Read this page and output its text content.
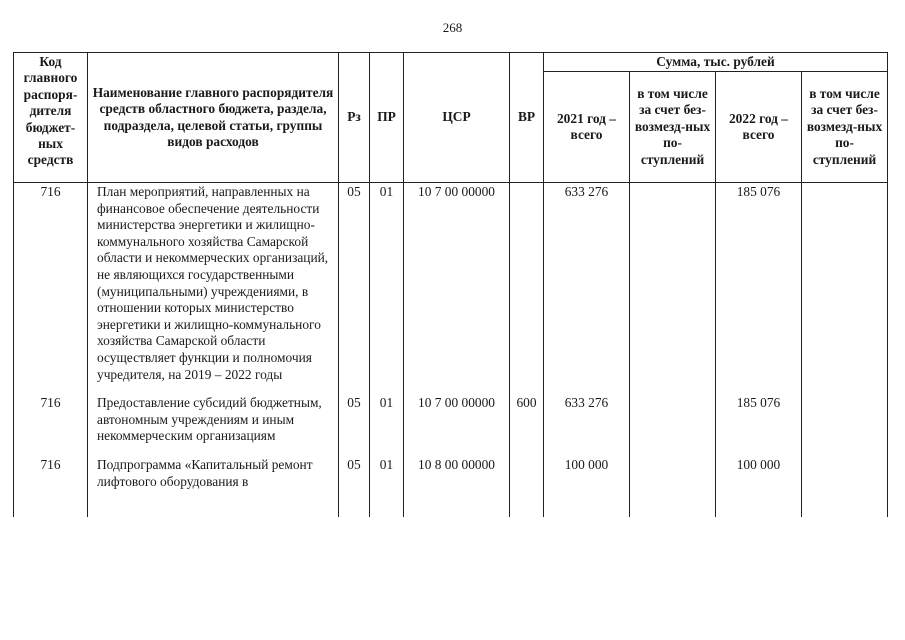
268
Код главного распоря-дителя бюджет-ных средств	Наименование главного распорядителя средств областного бюджета, раздела, подраздела, целевой статьи, группы видов расходов	Рз	ПР	ЦСР	ВР	Сумма, тыс. рублей			
						2021 год – всего	в том числе за счет без-возмезд-ных по-ступлений	2022 год – всего	в том числе за счет без-возмезд-ных по-ступлений
716	План мероприятий, направленных на финансовое обеспечение деятельности министерства энергетики и жилищно-коммунального хозяйства Самарской области и некоммерческих организаций, не являющихся государственными (муниципальными) учреждениями, в отношении которых министерство энергетики и жилищно-коммунального хозяйства Самарской области осуществляет функции и полномочия учредителя, на 2019 – 2022 годы	05	01	10 7 00 00000		633 276		185 076	
716	Предоставление субсидий бюджетным, автономным учреждениям и иным некоммерческим организациям	05	01	10 7 00 00000	600	633 276		185 076	
716	Подпрограмма «Капитальный ремонт лифтового оборудования в	05	01	10 8 00 00000		100 000		100 000	
